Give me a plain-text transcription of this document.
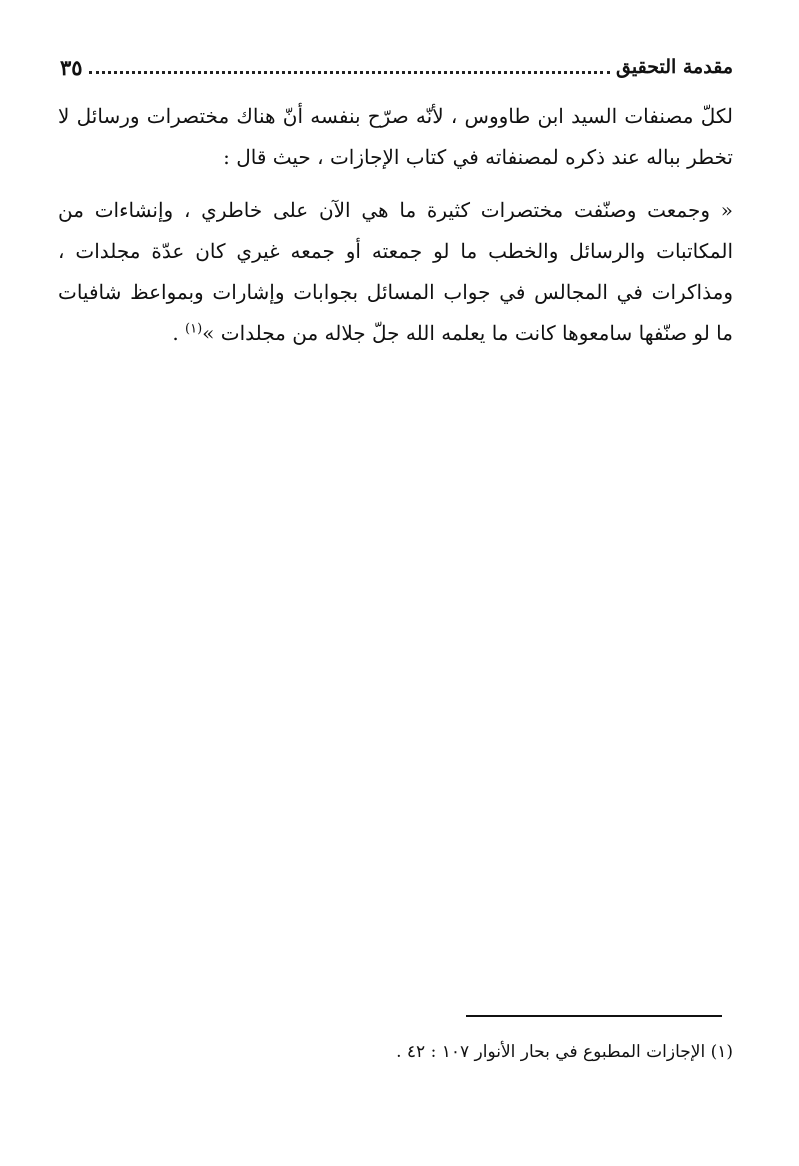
مقدمة التحقيق
٣٥

لكلّ مصنفات السيد ابن طاووس ، لأنّه صرّح بنفسه أنّ هناك مختصرات ورسائل لا تخطر بباله عند ذكره لمصنفاته في كتاب الإجازات ، حيث قال :

« وجمعت وصنّفت مختصرات كثيرة ما هي الآن على خاطري ، وإنشاءات من المكاتبات والرسائل والخطب ما لو جمعته أو جمعه غيري كان عدّة مجلدات ، ومذاكرات في المجالس في جواب المسائل بجوابات وإشارات وبمواعظ شافيات ما لو صنّفها سامعوها كانت ما يعلمه الله جلّ جلاله من مجلدات »$^{(١)}$ .

(١) الإجازات المطبوع في بحار الأنوار ١٠٧ : ٤٢ .
